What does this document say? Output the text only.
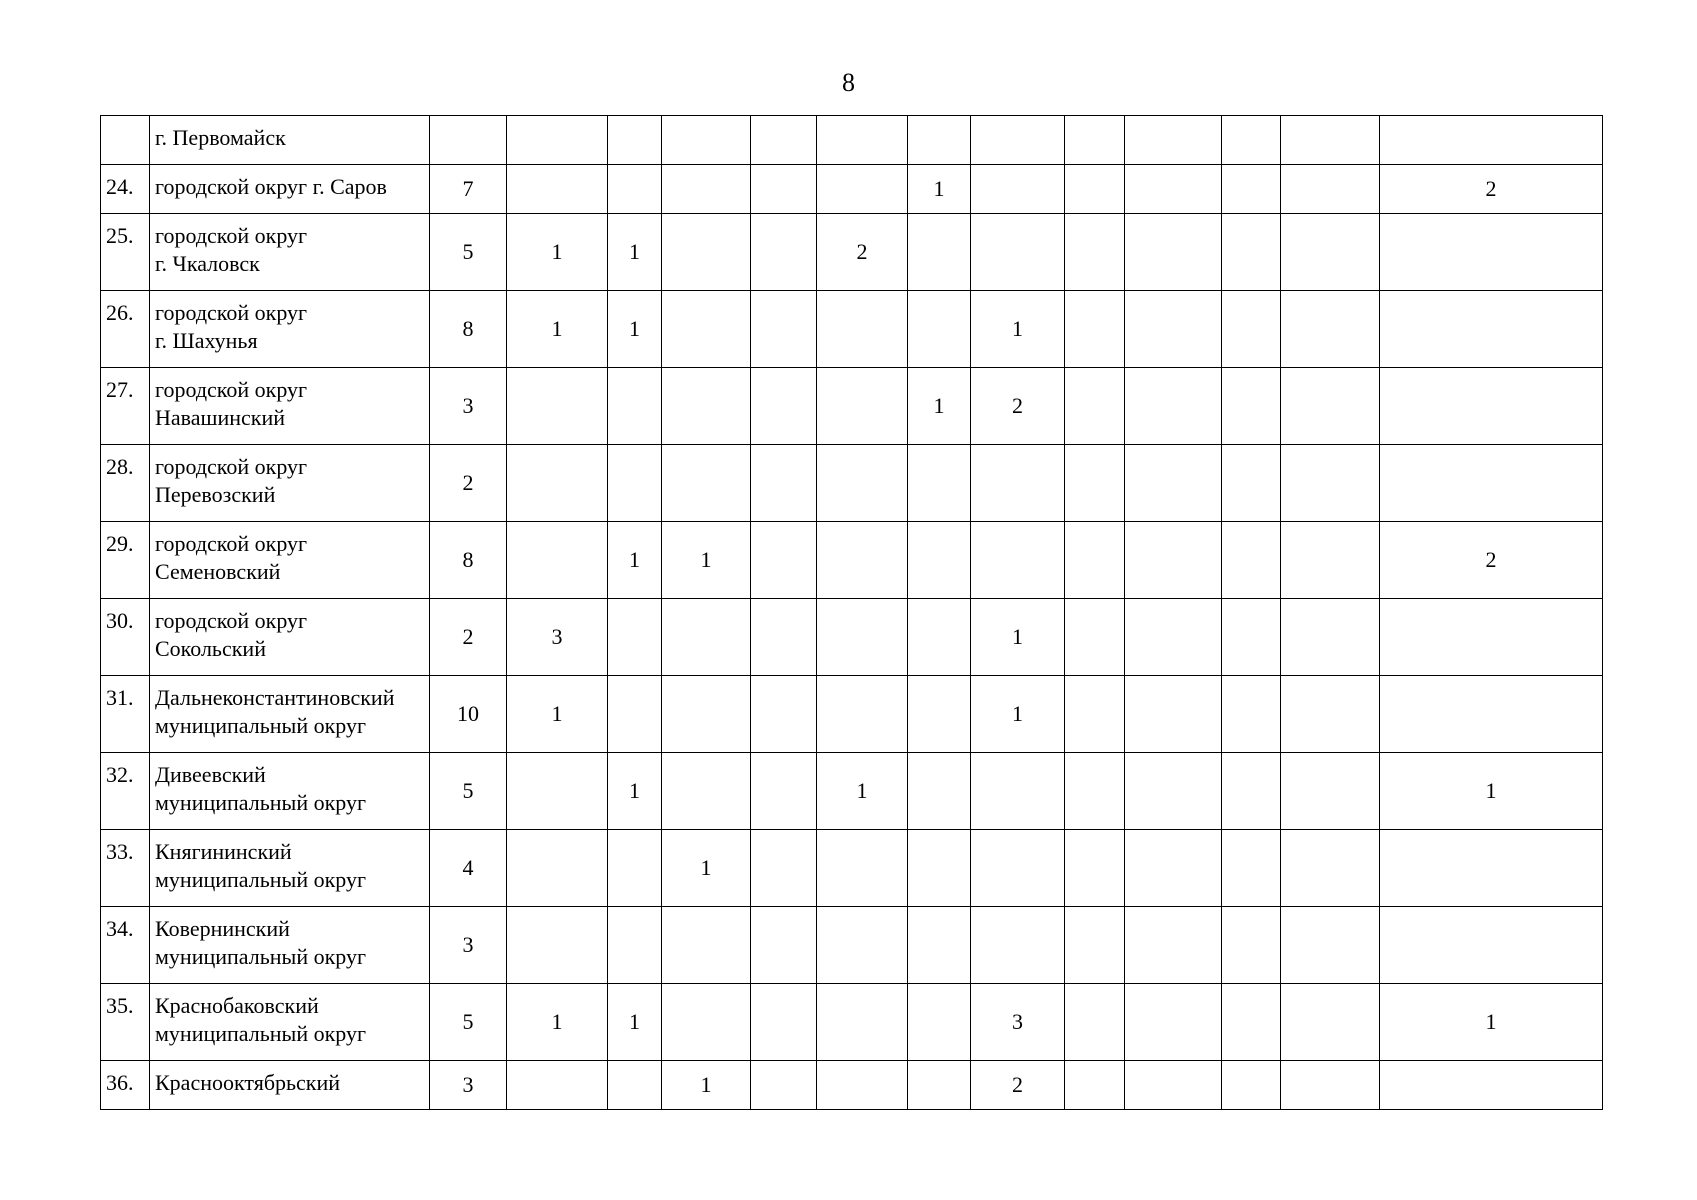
8
	г. Первомайск													
24.	городской округ г. Саров	7						1						2
25.	городской округ
г. Чкаловск	5	1	1			2							
26.	городской округ
г. Шахунья	8	1	1					1					
27.	городской округ
Навашинский	3						1	2					
28.	городской округ
Перевозский	2												
29.	городской округ
Семеновский	8		1	1									2
30.	городской округ
Сокольский	2	3						1					
31.	Дальнеконстантиновский
муниципальный округ	10	1						1					
32.	Дивеевский
муниципальный округ	5		1			1							1
33.	Княгининский
муниципальный округ	4			1									
34.	Ковернинский
муниципальный округ	3												
35.	Краснобаковский
муниципальный округ	5	1	1					3					1
36.	Краснооктябрьский	3			1				2					
